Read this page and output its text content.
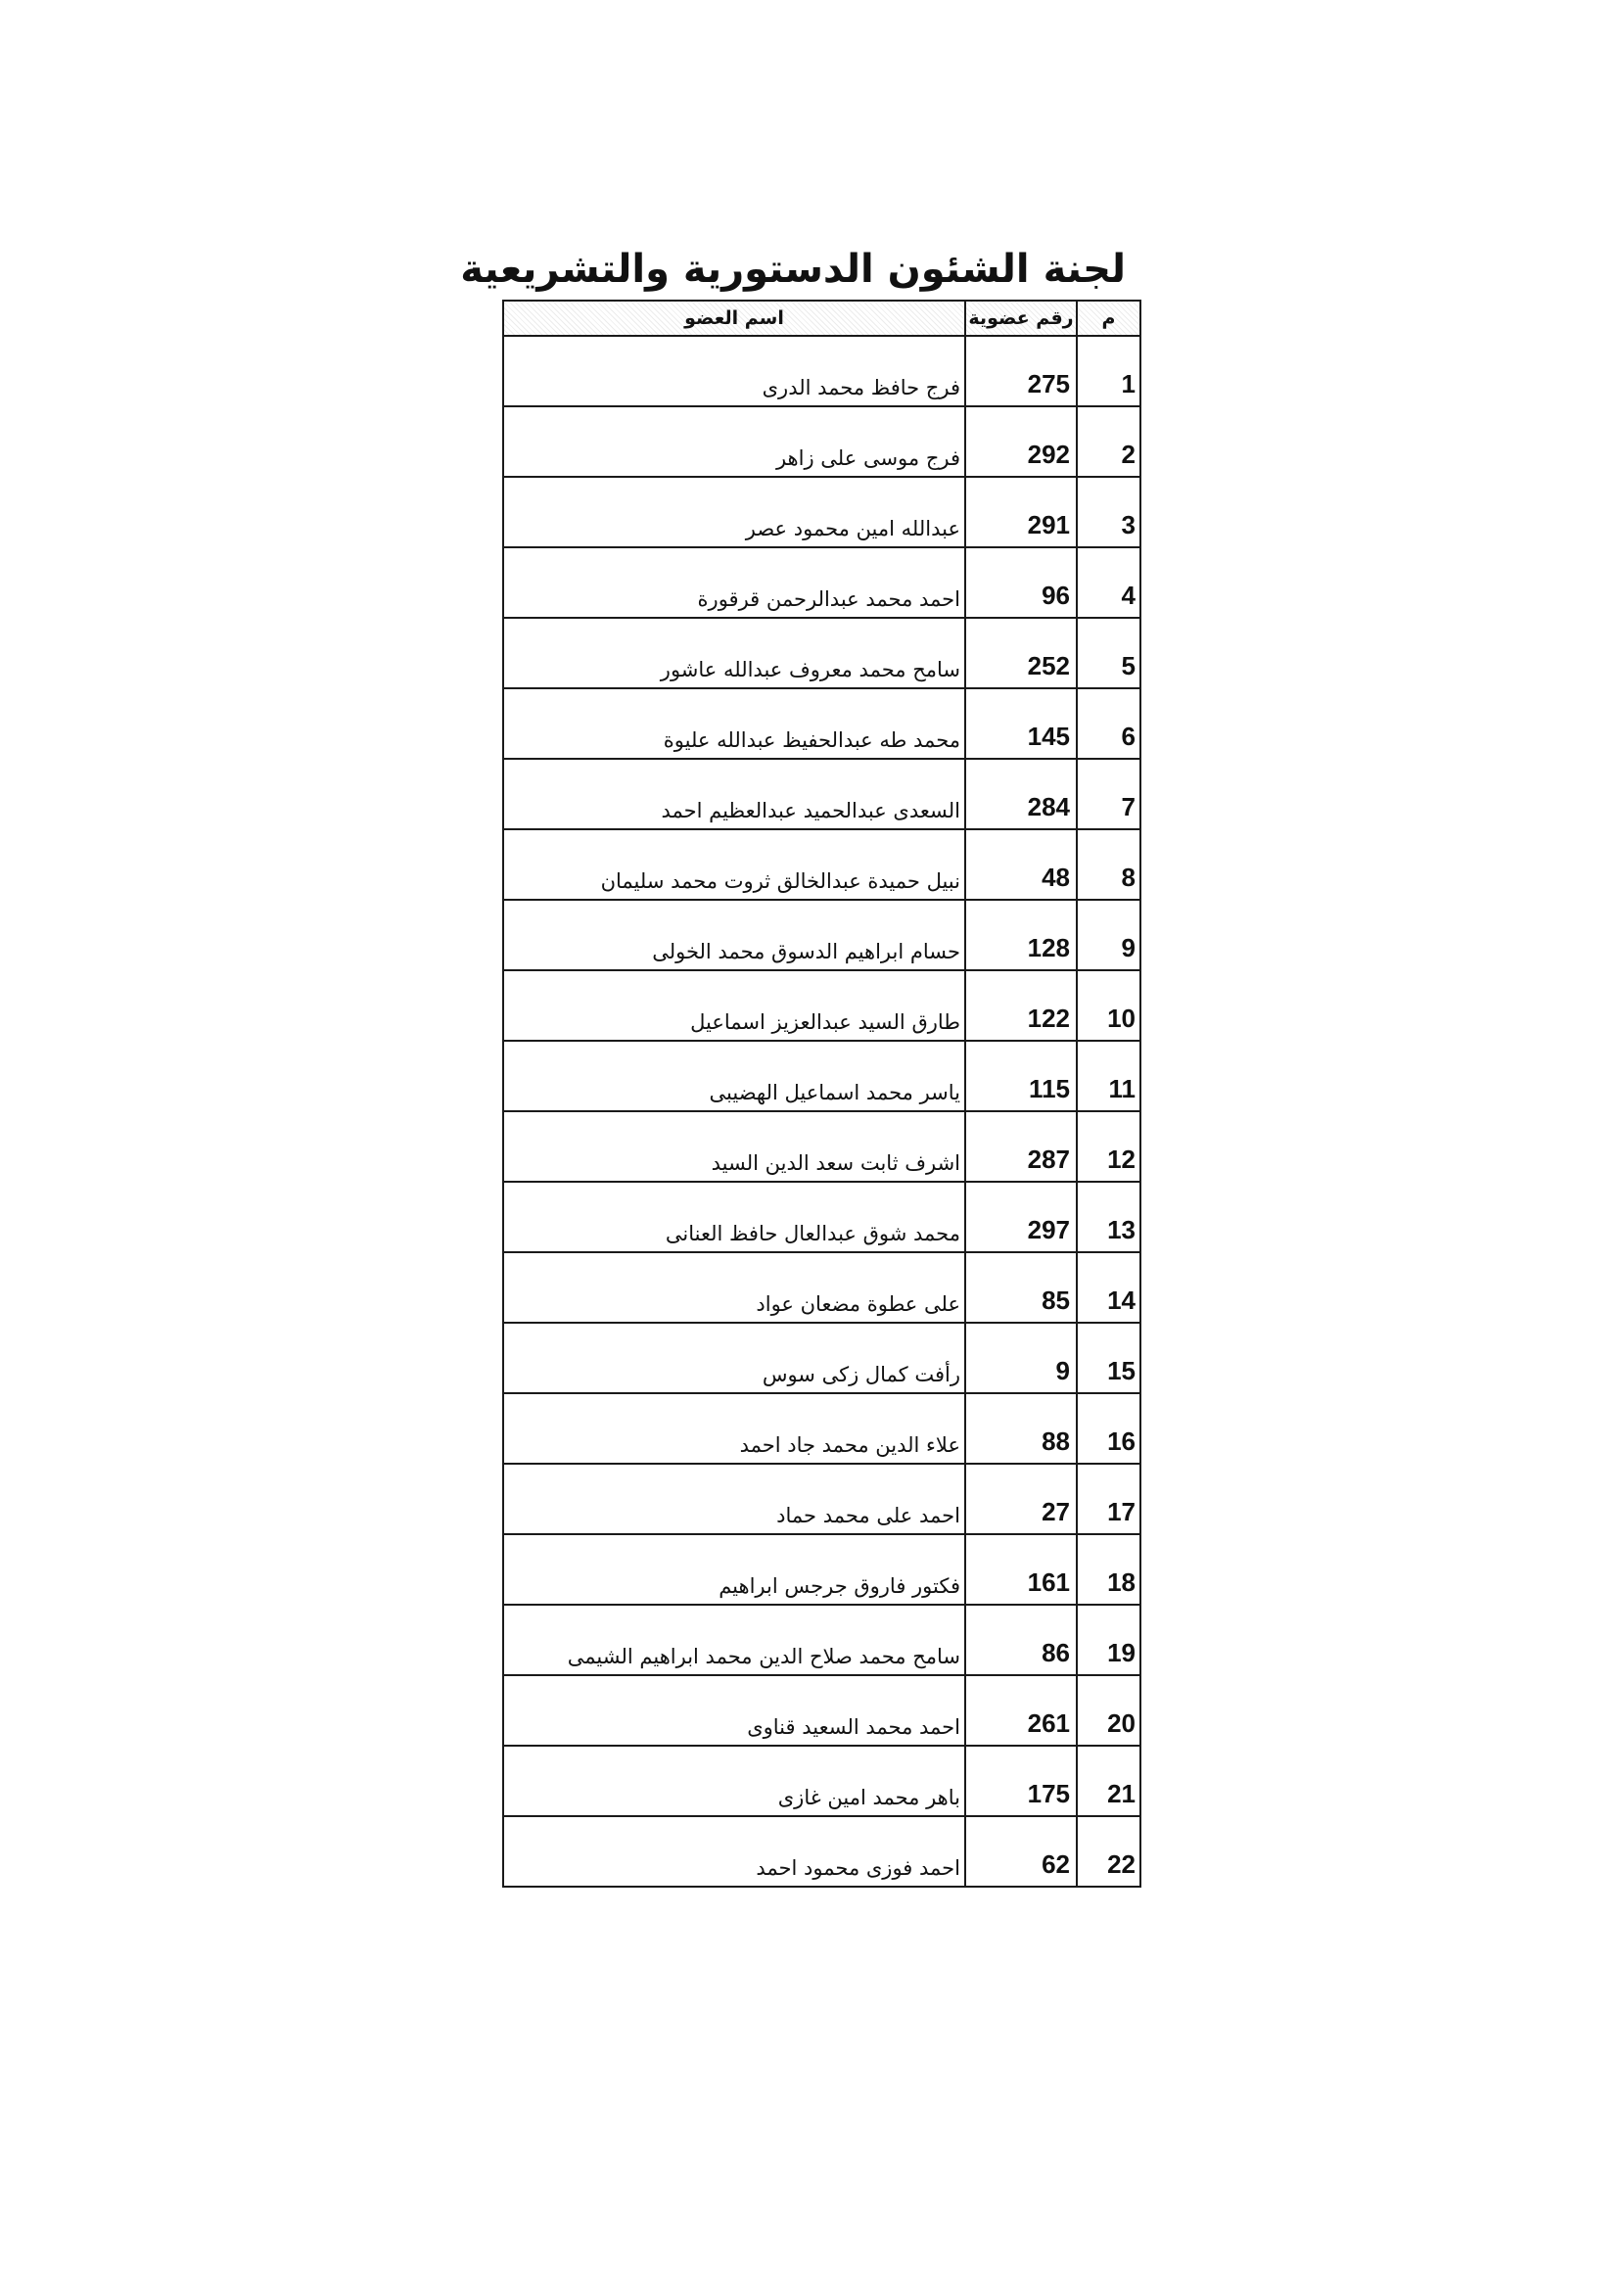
لجنة الشئون الدستورية والتشريعية
اسم العضو	رقم عضوية	م
فرج حافظ محمد الدرى	275	1
فرج موسى على زاهر	292	2
عبدالله امين محمود عصر	291	3
احمد محمد عبدالرحمن قرقورة	96	4
سامح محمد معروف عبدالله عاشور	252	5
محمد طه عبدالحفيظ عبدالله عليوة	145	6
السعدى عبدالحميد عبدالعظيم احمد	284	7
نبيل حميدة عبدالخالق ثروت محمد سليمان	48	8
حسام ابراهيم الدسوق محمد الخولى	128	9
طارق السيد عبدالعزيز اسماعيل	122	10
ياسر محمد اسماعيل الهضيبى	115	11
اشرف ثابت سعد الدين السيد	287	12
محمد شوق عبدالعال حافظ العنانى	297	13
على عطوة مضعان عواد	85	14
رأفت كمال زكى سوس	9	15
علاء الدين محمد جاد احمد	88	16
احمد على محمد حماد	27	17
فكتور فاروق جرجس ابراهيم	161	18
سامح محمد صلاح الدين محمد ابراهيم الشيمى	86	19
احمد محمد السعيد قناوى	261	20
باهر محمد امين غازى	175	21
احمد فوزى محمود احمد	62	22
